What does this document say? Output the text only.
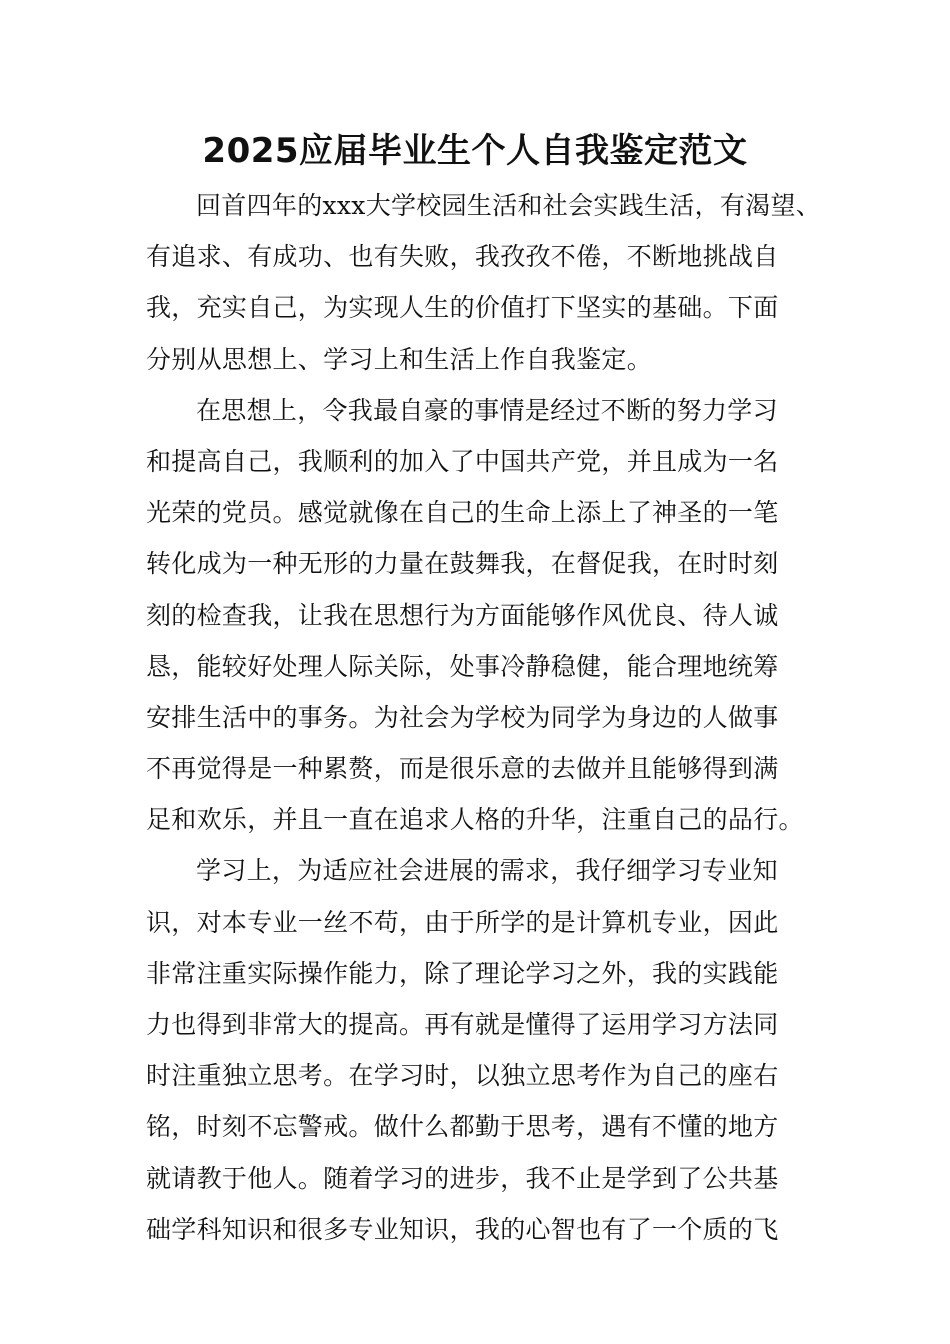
2025应届毕业生个人自我鉴定范文
回首四年的xxx大学校园生活和社会实践生活，有渴望、
有追求、有成功、也有失败，我孜孜不倦，不断地挑战自
我，充实自己，为实现人生的价值打下坚实的基础。下面
分别从思想上、学习上和生活上作自我鉴定。
在思想上，令我最自豪的事情是经过不断的努力学习
和提高自己，我顺利的加入了中国共产党，并且成为一名
光荣的党员。感觉就像在自己的生命上添上了神圣的一笔
转化成为一种无形的力量在鼓舞我，在督促我，在时时刻
刻的检查我，让我在思想行为方面能够作风优良、待人诚
恳，能较好处理人际关际，处事冷静稳健，能合理地统筹
安排生活中的事务。为社会为学校为同学为身边的人做事
不再觉得是一种累赘，而是很乐意的去做并且能够得到满
足和欢乐，并且一直在追求人格的升华，注重自己的品行。
学习上，为适应社会进展的需求，我仔细学习专业知
识，对本专业一丝不苟，由于所学的是计算机专业，因此
非常注重实际操作能力，除了理论学习之外，我的实践能
力也得到非常大的提高。再有就是懂得了运用学习方法同
时注重独立思考。在学习时，以独立思考作为自己的座右
铭，时刻不忘警戒。做什么都勤于思考，遇有不懂的地方
就请教于他人。随着学习的进步，我不止是学到了公共基
础学科知识和很多专业知识，我的心智也有了一个质的飞
